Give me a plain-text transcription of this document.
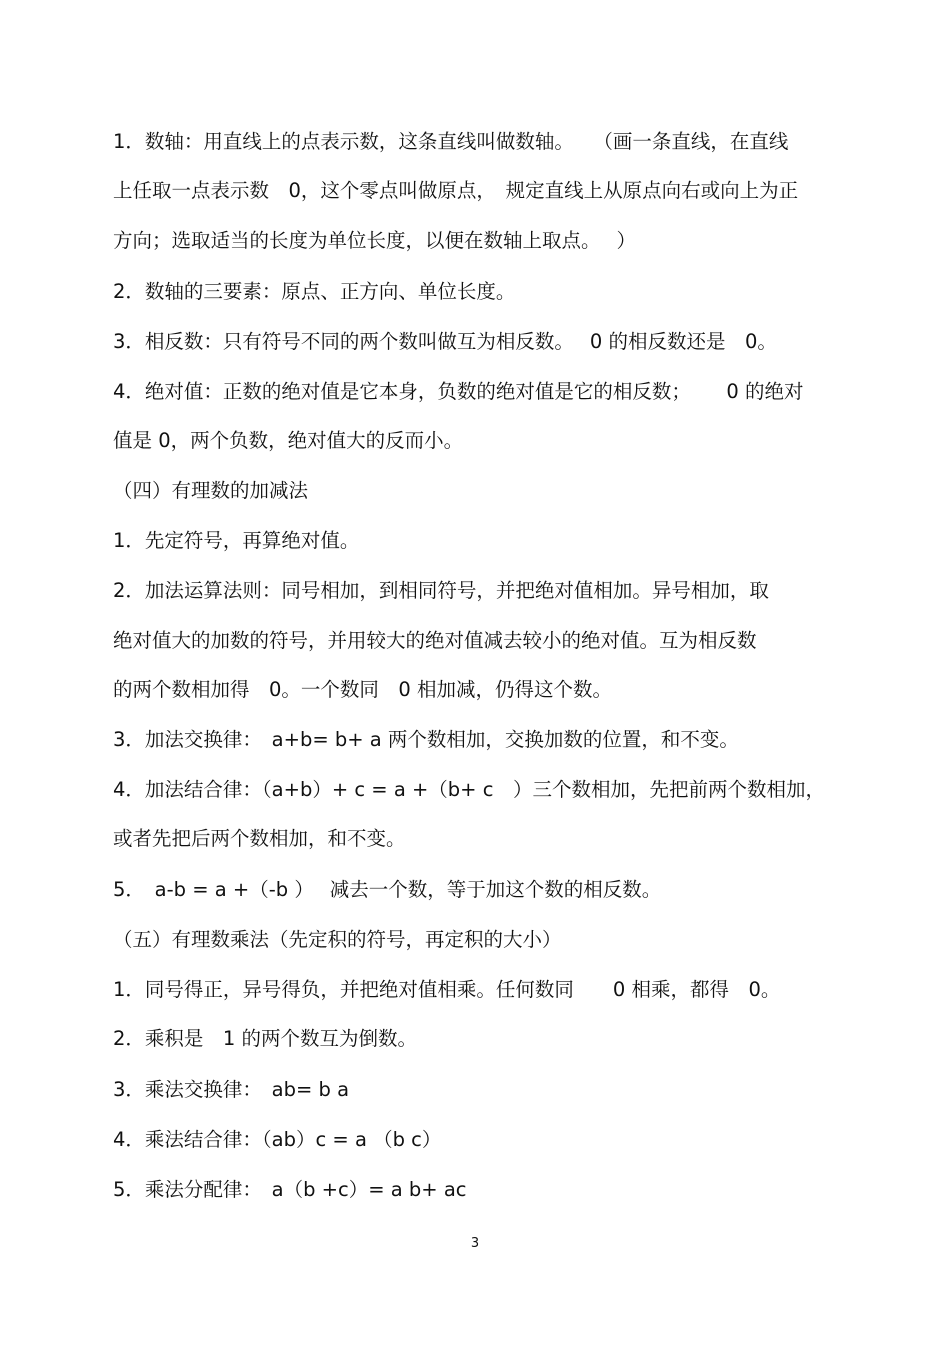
1．数轴：用直线上的点表示数，这条直线叫做数轴。　　（画一条直线，在直线
上任取一点表示数　0，这个零点叫做原点，　规定直线上从原点向右或向上为正
方向；选取适当的长度为单位长度，以便在数轴上取点。　 ）
2．数轴的三要素：原点、正方向、单位长度。
3．相反数：只有符号不同的两个数叫做互为相反数。　 0 的相反数还是　0。
4．绝对值：正数的绝对值是它本身，负数的绝对值是它的相反数；　　 0 的绝对
值是 0，两个负数，绝对值大的反而小。
（四）有理数的加减法
1．先定符号，再算绝对值。
2．加法运算法则：同号相加，到相同符号，并把绝对值相加。异号相加，取
绝对值大的加数的符号，并用较大的绝对值减去较小的绝对值。互为相反数
的两个数相加得　0。一个数同　0 相加减，仍得这个数。
3．加法交换律：　a+b= b+ a 两个数相加，交换加数的位置，和不变。
4．加法结合律：（a+b）+ c = a +（b+ c　）三个数相加，先把前两个数相加，
或者先把后两个数相加，和不变。
5．　a-b = a +（-b ）　 减去一个数，等于加这个数的相反数。
（五）有理数乘法（先定积的符号，再定积的大小）
1．同号得正，异号得负，并把绝对值相乘。任何数同　　0 相乘，都得　0。
2．乘积是　1 的两个数互为倒数。
3．乘法交换律：　ab= b a
4．乘法结合律：（ab）c = a （b c）
5．乘法分配律：　a（b +c）= a b+ ac
3
